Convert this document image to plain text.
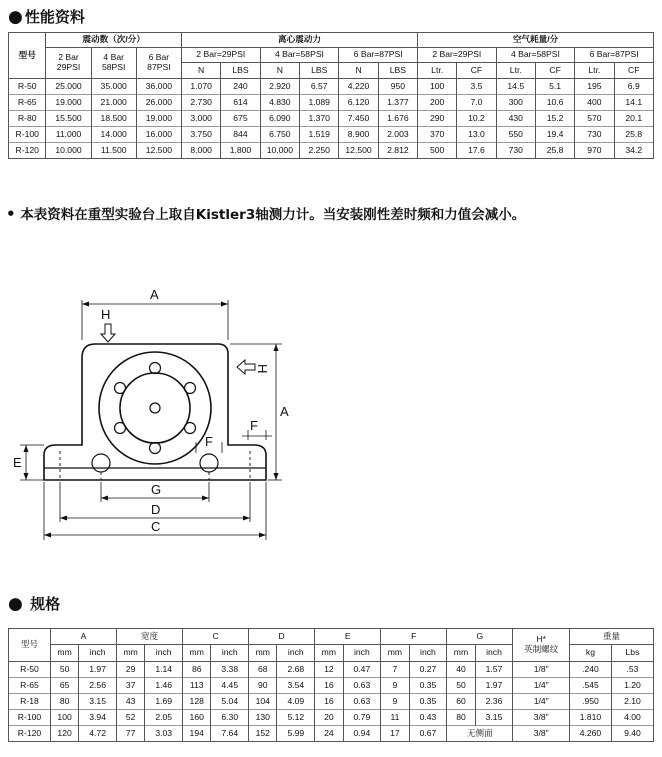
● 性能资料
型号	震动数（次/分）			离心震动力						空气耗量/分					
	2 Bar
29PSI	4 Bar
58PSI	6 Bar
87PSI	2 Bar=29PSI		4 Bar=58PSI		6 Bar=87PSI		2 Bar=29PSI		4 Bar=58PSI		6 Bar=87PSI	
				N	LBS	N	LBS	N	LBS	Ltr.	CF	Ltr.	CF	Ltr.	CF
R-50	25.000	35.000	36.000	1.070	240	2.920	6.57	4.220	950	100	3.5	14.5	5.1	195	6.9
R-65	19.000	21.000	26.000	2.730	614	4.830	1.089	6.120	1.377	200	7.0	300	10.6	400	14.1
R-80	15.500	18.500	19.000	3.000	675	6.090	1.370	7.450	1.676	290	10.2	430	15.2	570	20.1
R-100	11.000	14.000	16.000	3.750	844	6.750	1.519	8.900	2.003	370	13.0	550	19.4	730	25.8
R-120	10.000	11.500	12.500	8.000	1.800	10.000	2.250	12.500	2.812	500	17.6	730	25.8	970	34.2
• 本表资料在重型实验台上取自Kistler3轴测力计。当安装刚性差时频和力值会减小。
A
H
H
A
G
D
C
E
F
F
● 规格
型号	A		宽度		C		D		E		F		G		H*
英制螺纹	重量	
	mm	inch	mm	inch	mm	inch	mm	inch	mm	inch	mm	inch	mm	inch		kg	Lbs
R-50	50	1.97	29	1.14	86	3.38	68	2.68	12	0.47	7	0.27	40	1.57	1/8"	.240	.53
R-65	65	2.56	37	1.46	113	4.45	90	3.54	16	0.63	9	0.35	50	1.97	1/4"	.545	1.20
R-18	80	3.15	43	1.69	128	5.04	104	4.09	16	0.63	9	0.35	60	2.36	1/4"	.950	2.10
R-100	100	3.94	52	2.05	160	6.30	130	5.12	20	0.79	11	0.43	80	3.15	3/8"	1.810	4.00
R-120	120	4.72	77	3.03	194	7.64	152	5.99	24	0.94	17	0.67	无侧面		3/8"	4.260	9.40
